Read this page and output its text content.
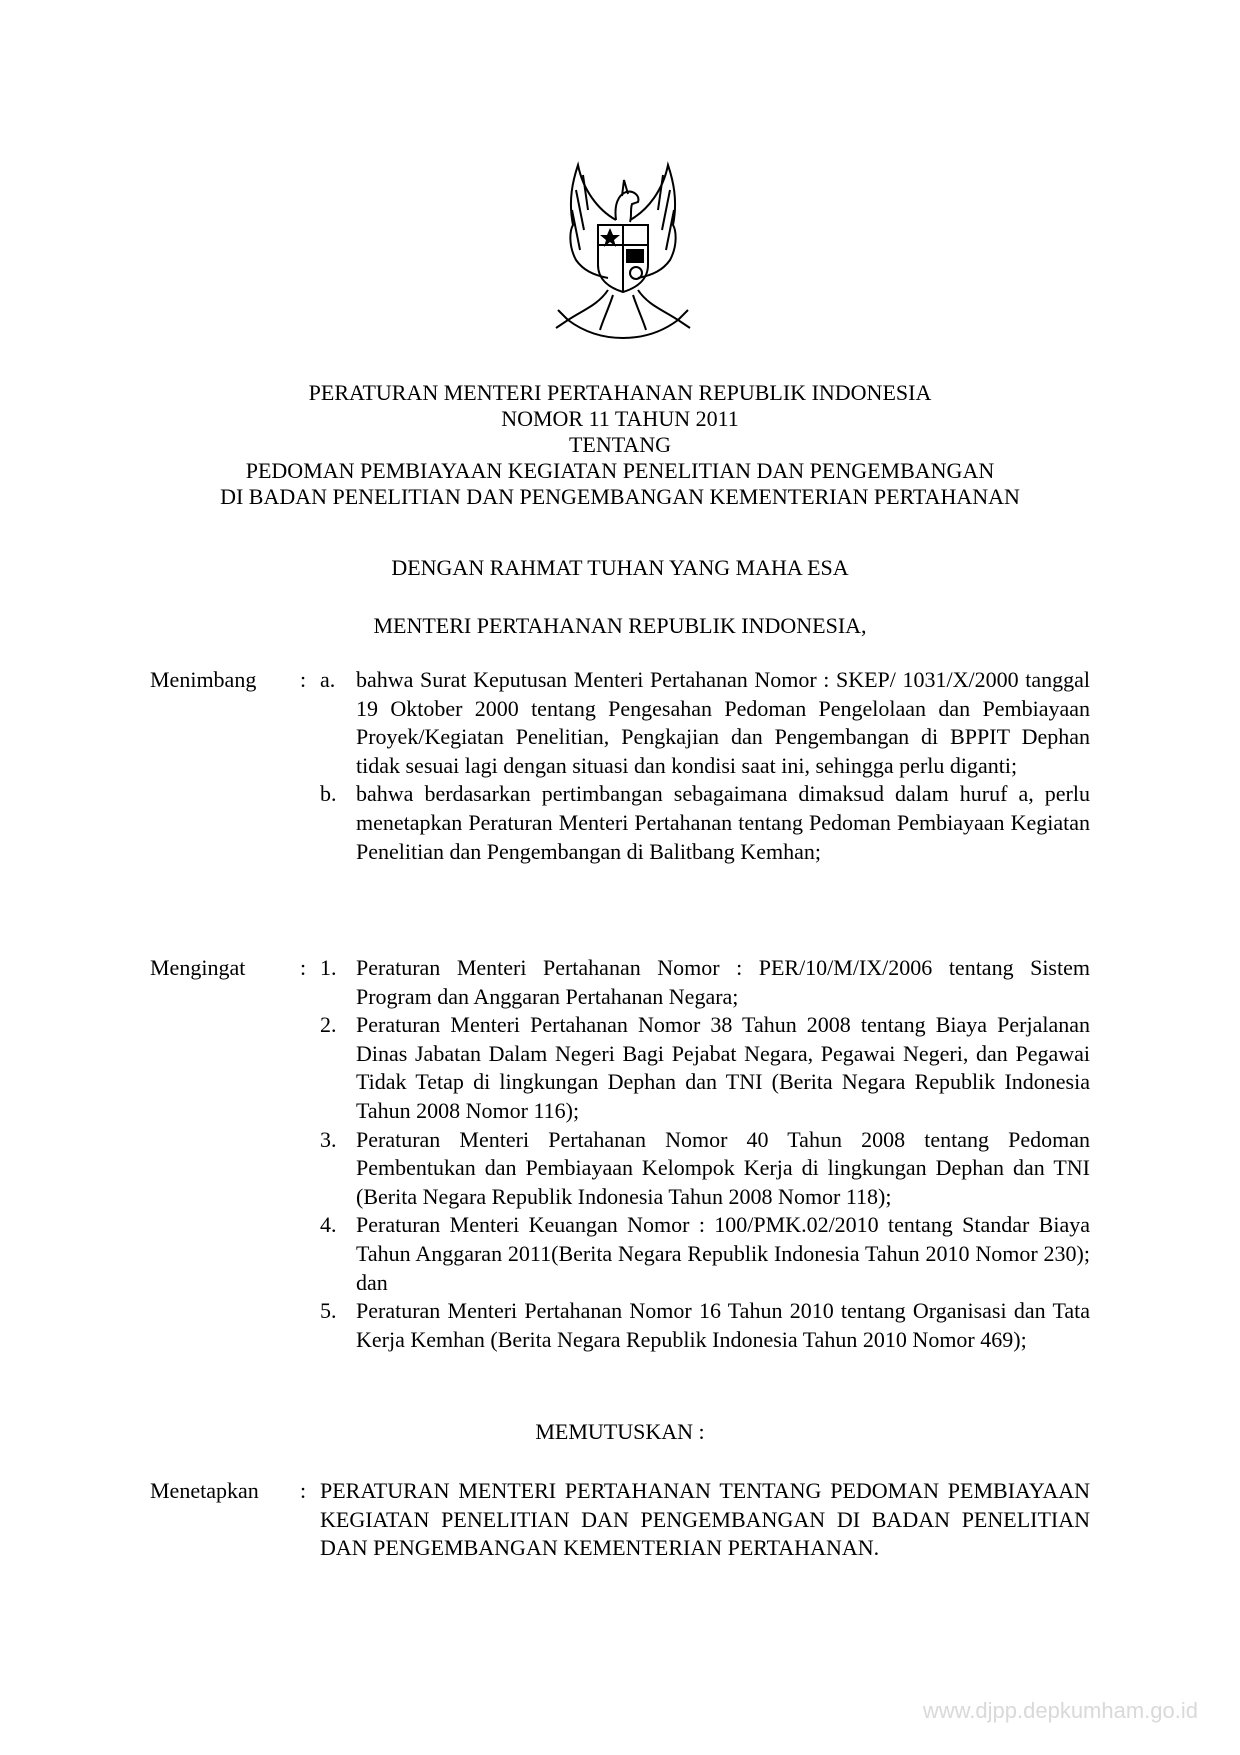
PERATURAN MENTERI PERTAHANAN REPUBLIK INDONESIA
NOMOR 11 TAHUN 2011
TENTANG
PEDOMAN PEMBIAYAAN KEGIATAN PENELITIAN DAN PENGEMBANGAN
DI BADAN PENELITIAN DAN PENGEMBANGAN KEMENTERIAN PERTAHANAN
DENGAN RAHMAT TUHAN YANG MAHA ESA
MENTERI PERTAHANAN REPUBLIK INDONESIA,
Menimbang	: a. bahwa Surat Keputusan Menteri Pertahanan Nomor : SKEP/ 1031/X/2000 tanggal 19 Oktober 2000 tentang Pengesahan Pedoman Pengelolaan dan Pembiayaan Proyek/Kegiatan Penelitian, Pengkajian dan Pengembangan di BPPIT Dephan tidak sesuai lagi dengan situasi dan kondisi saat ini, sehingga perlu diganti;
b. bahwa berdasarkan pertimbangan sebagaimana dimaksud dalam huruf a, perlu menetapkan Peraturan Menteri Pertahanan tentang Pedoman Pembiayaan Kegiatan Penelitian dan Pengembangan di Balitbang Kemhan;
Mengingat	: 1. Peraturan Menteri Pertahanan Nomor : PER/10/M/IX/2006 tentang Sistem Program dan Anggaran Pertahanan Negara;
2. Peraturan Menteri Pertahanan Nomor 38 Tahun 2008 tentang Biaya Perjalanan Dinas Jabatan Dalam Negeri Bagi Pejabat Negara, Pegawai Negeri, dan Pegawai Tidak Tetap di lingkungan Dephan dan TNI (Berita Negara Republik Indonesia Tahun 2008 Nomor 116);
3. Peraturan Menteri Pertahanan Nomor 40 Tahun 2008 tentang Pedoman Pembentukan dan Pembiayaan Kelompok Kerja di lingkungan Dephan dan TNI (Berita Negara Republik Indonesia Tahun 2008 Nomor 118);
4. Peraturan Menteri Keuangan Nomor : 100/PMK.02/2010 tentang Standar Biaya Tahun Anggaran 2011(Berita Negara Republik Indonesia Tahun 2010 Nomor 230); dan
5. Peraturan Menteri Pertahanan Nomor 16 Tahun 2010 tentang Organisasi dan Tata Kerja Kemhan (Berita Negara Republik Indonesia Tahun 2010 Nomor 469);
MEMUTUSKAN :
Menetapkan	: PERATURAN MENTERI PERTAHANAN TENTANG PEDOMAN PEMBIAYAAN KEGIATAN PENELITIAN DAN PENGEMBANGAN DI BADAN PENELITIAN DAN PENGEMBANGAN KEMENTERIAN PERTAHANAN.
www.djpp.depkumham.go.id
